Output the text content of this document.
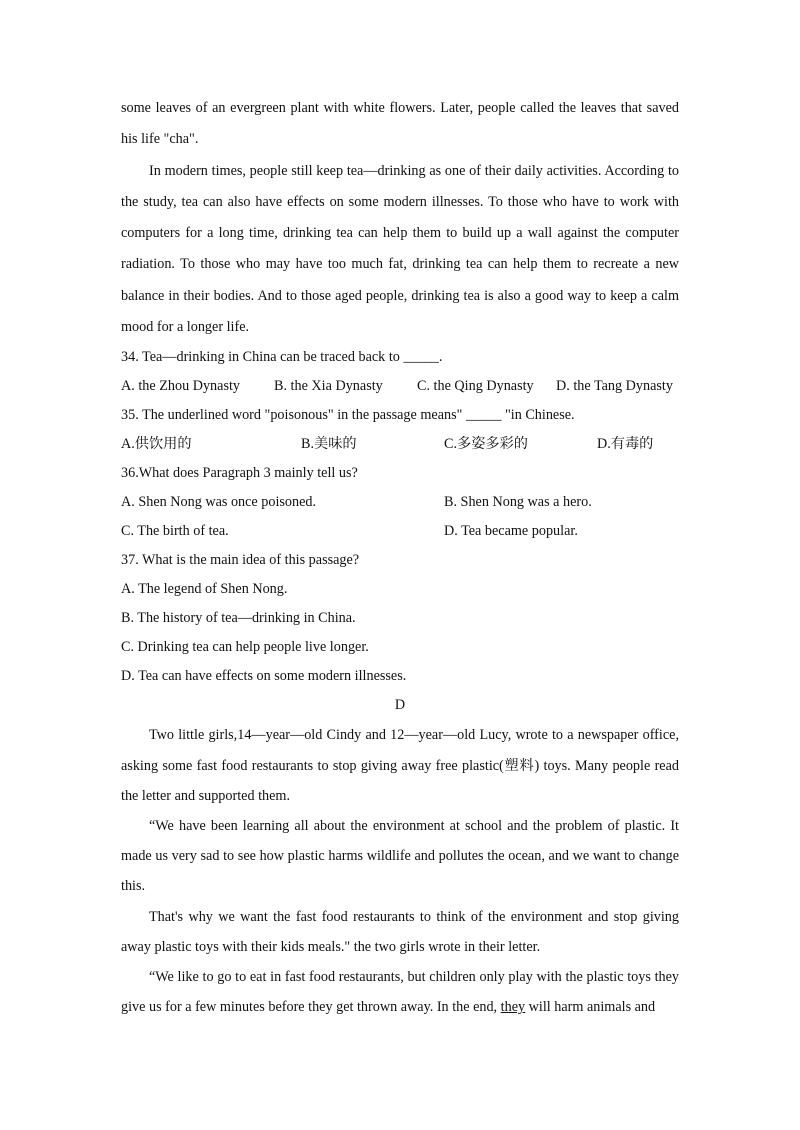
some leaves of an evergreen plant with white flowers. Later, people called the leaves that saved his life "cha".

In modern times, people still keep tea—drinking as one of their daily activities. According to the study, tea can also have effects on some modern illnesses. To those who have to work with computers for a long time, drinking tea can help them to build up a wall against the computer radiation. To those who may have too much fat, drinking tea can help them to recreate a new balance in their bodies. And to those aged people, drinking tea is also a good way to keep a calm mood for a longer life.

34. Tea—drinking in China can be traced back to _____.
A. the Zhou Dynasty B. the Xia Dynasty C. the Qing Dynasty D. the Tang Dynasty
35. The underlined word "poisonous" in the passage means" _____ "in Chinese.
A.供饮用的	B.美味的	C.多姿多彩的	D.有毒的
36.What does Paragraph 3 mainly tell us?
A. Shen Nong was once poisoned.	B. Shen Nong was a hero.
C. The birth of tea.	D. Tea became popular.
37. What is the main idea of this passage?
A. The legend of Shen Nong.
B. The history of tea—drinking in China.
C. Drinking tea can help people live longer.
D. Tea can have effects on some modern illnesses.
D

Two little girls,14—year—old Cindy and 12—year—old Lucy, wrote to a newspaper office, asking some fast food restaurants to stop giving away free plastic(塑料) toys. Many people read the letter and supported them.

“We have been learning all about the environment at school and the problem of plastic. It made us very sad to see how plastic harms wildlife and pollutes the ocean, and we want to change this.

That's why we want the fast food restaurants to think of the environment and stop giving away plastic toys with their kids meals." the two girls wrote in their letter.

“We like to go to eat in fast food restaurants, but children only play with the plastic toys they give us for a few minutes before they get thrown away. In the end, they will harm animals and
